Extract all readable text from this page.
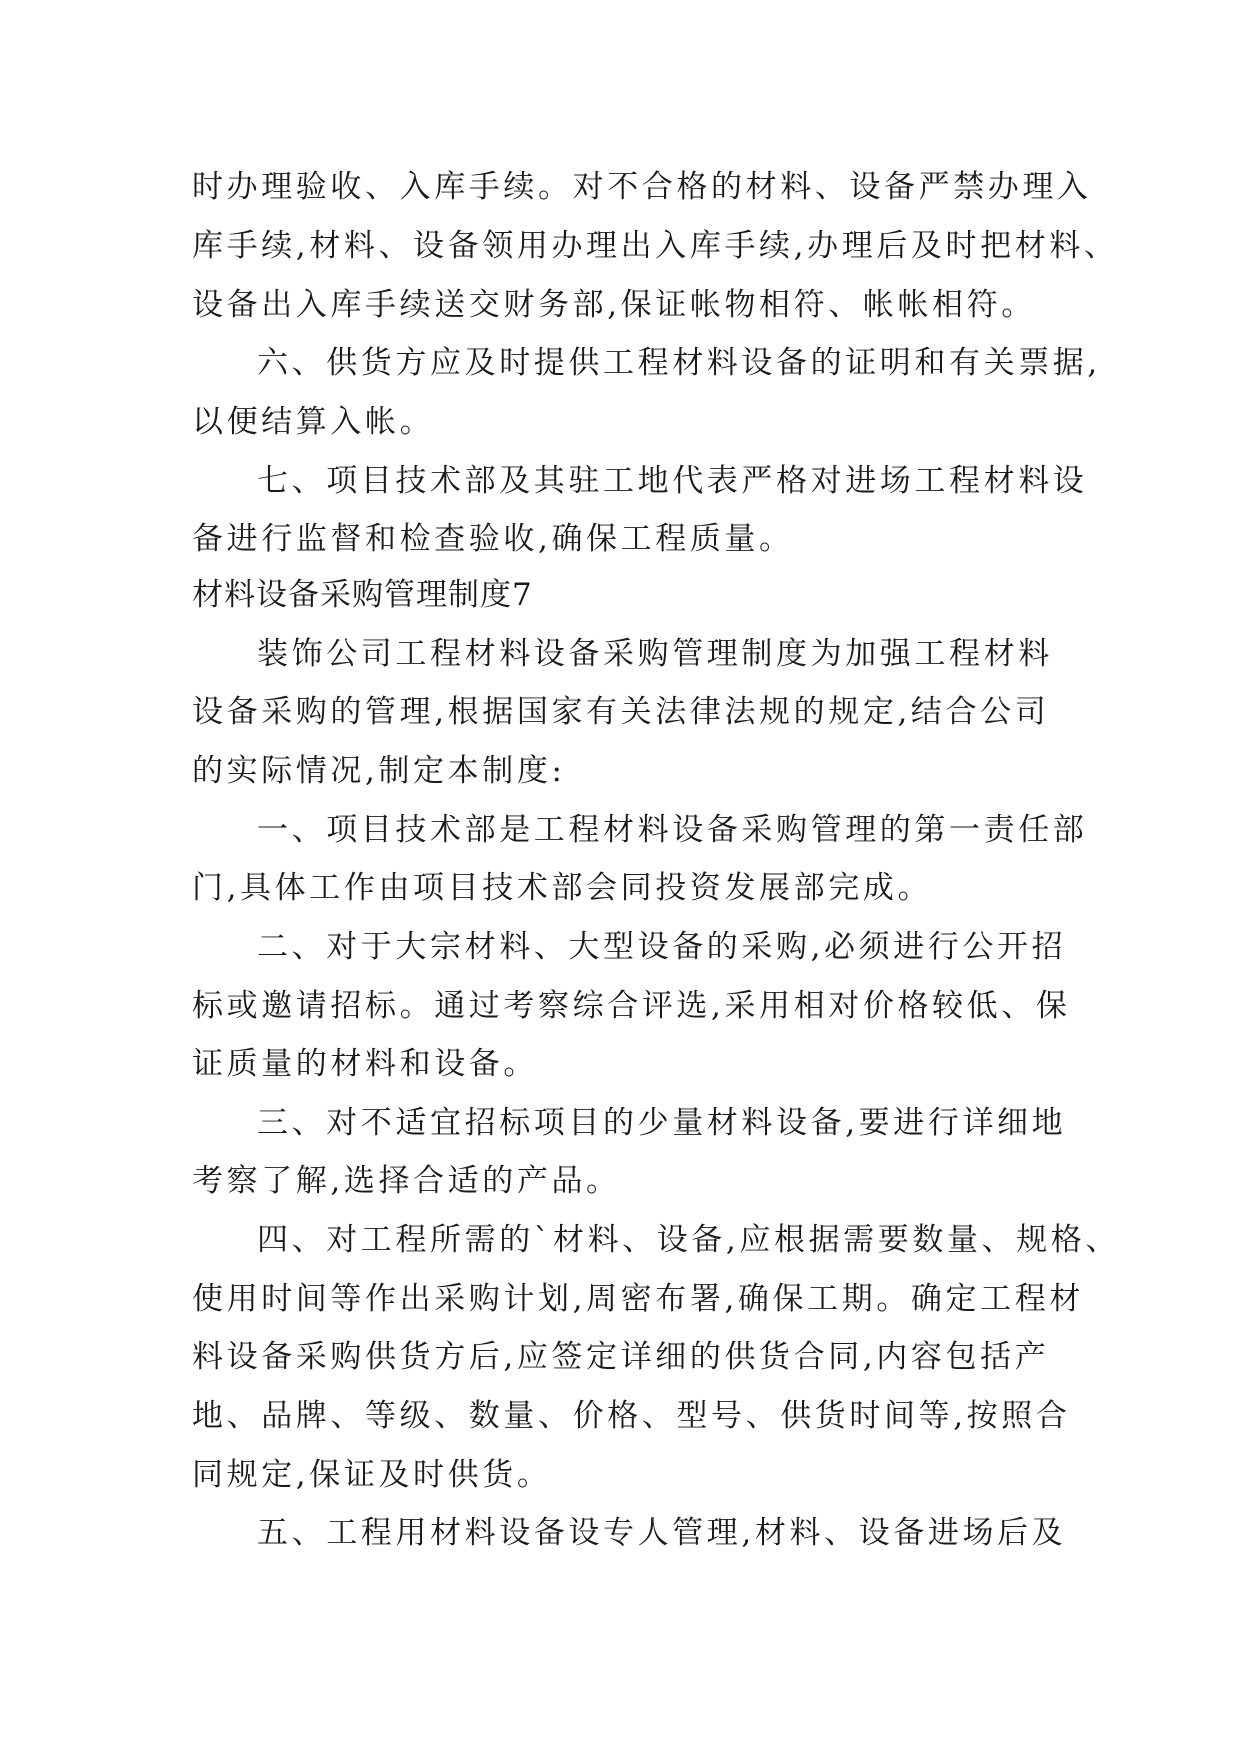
时办理验收、入库手续。对不合格的材料、设备严禁办理入
库手续,材料、设备领用办理出入库手续,办理后及时把材料、
设备出入库手续送交财务部,保证帐物相符、帐帐相符。
六、供货方应及时提供工程材料设备的证明和有关票据,
以便结算入帐。
七、项目技术部及其驻工地代表严格对进场工程材料设
备进行监督和检查验收,确保工程质量。
材料设备采购管理制度7
装饰公司工程材料设备采购管理制度为加强工程材料
设备采购的管理,根据国家有关法律法规的规定,结合公司
的实际情况,制定本制度:
一、项目技术部是工程材料设备采购管理的第一责任部
门,具体工作由项目技术部会同投资发展部完成。
二、对于大宗材料、大型设备的采购,必须进行公开招
标或邀请招标。通过考察综合评选,采用相对价格较低、保
证质量的材料和设备。
三、对不适宜招标项目的少量材料设备,要进行详细地
考察了解,选择合适的产品。
四、对工程所需的`材料、设备,应根据需要数量、规格、
使用时间等作出采购计划,周密布署,确保工期。确定工程材
料设备采购供货方后,应签定详细的供货合同,内容包括产
地、品牌、等级、数量、价格、型号、供货时间等,按照合
同规定,保证及时供货。
五、工程用材料设备设专人管理,材料、设备进场后及
